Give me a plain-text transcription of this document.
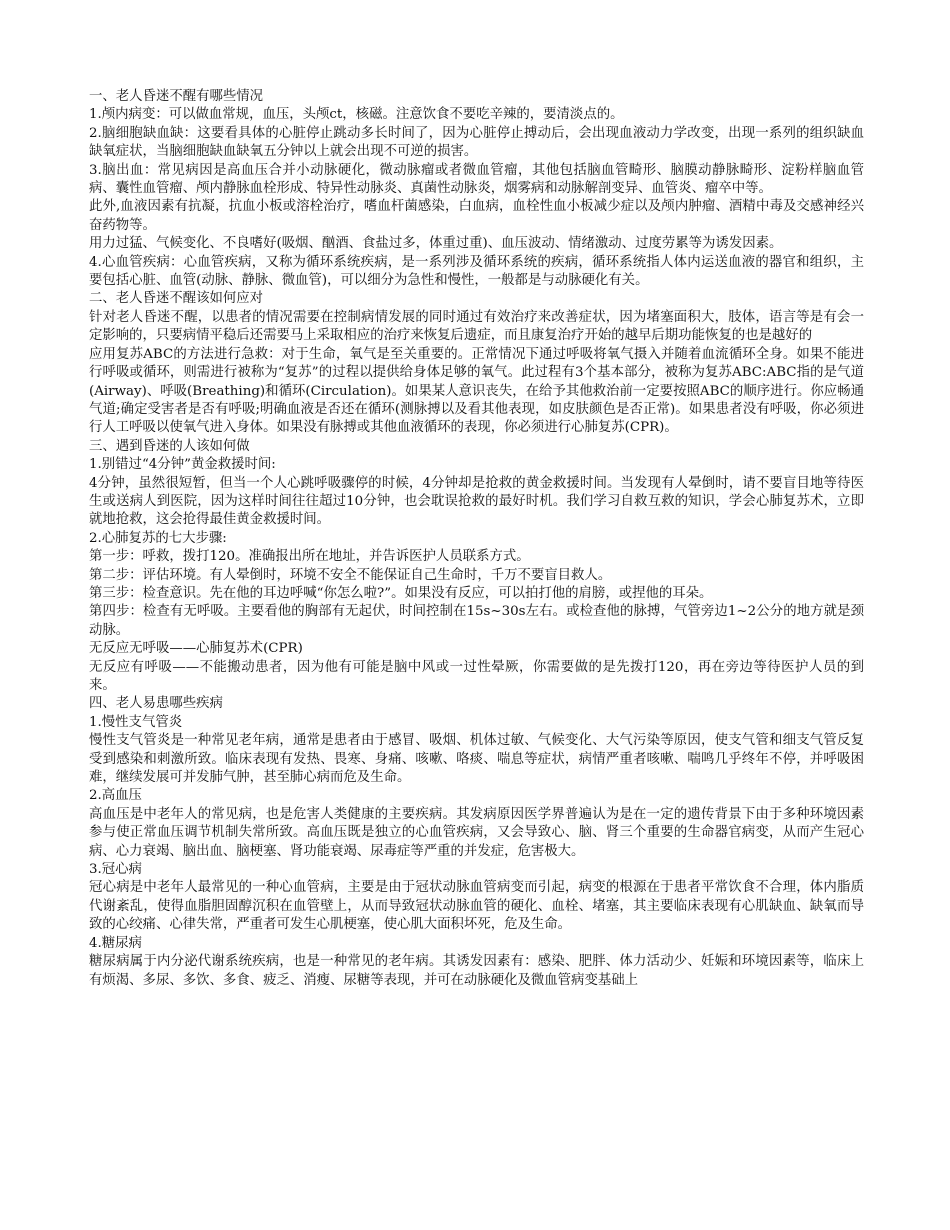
一、老人昏迷不醒有哪些情况

1.颅内病变：可以做血常规，血压，头颅ct，核磁。注意饮食不要吃辛辣的，要清淡点的。

2.脑细胞缺血缺：这要看具体的心脏停止跳动多长时间了，因为心脏停止搏动后，会出现血液动力学改变，出现一系列的组织缺血缺氧症状，当脑细胞缺血缺氧五分钟以上就会出现不可逆的损害。

3.脑出血：常见病因是高血压合并小动脉硬化，微动脉瘤或者微血管瘤，其他包括脑血管畸形、脑膜动静脉畸形、淀粉样脑血管病、囊性血管瘤、颅内静脉血栓形成、特异性动脉炎、真菌性动脉炎，烟雾病和动脉解剖变异、血管炎、瘤卒中等。

此外,血液因素有抗凝，抗血小板或溶栓治疗，嗜血杆菌感染，白血病，血栓性血小板减少症以及颅内肿瘤、酒精中毒及交感神经兴奋药物等。

用力过猛、气候变化、不良嗜好(吸烟、酗酒、食盐过多，体重过重)、血压波动、情绪激动、过度劳累等为诱发因素。

4.心血管疾病：心血管疾病，又称为循环系统疾病，是一系列涉及循环系统的疾病，循环系统指人体内运送血液的器官和组织，主要包括心脏、血管(动脉、静脉、微血管)，可以细分为急性和慢性，一般都是与动脉硬化有关。

二、老人昏迷不醒该如何应对

针对老人昏迷不醒，以患者的情况需要在控制病情发展的同时通过有效治疗来改善症状，因为堵塞面积大，肢体，语言等是有会一定影响的，只要病情平稳后还需要马上采取相应的治疗来恢复后遗症，而且康复治疗开始的越早后期功能恢复的也是越好的

应用复苏ABC的方法进行急救：对于生命，氧气是至关重要的。正常情况下通过呼吸将氧气摄入并随着血流循环全身。如果不能进行呼吸或循环，则需进行被称为“复苏”的过程以提供给身体足够的氧气。此过程有3个基本部分，被称为复苏ABC:ABC指的是气道(Airway)、呼吸(Breathing)和循环(Circulation)。如果某人意识丧失，在给予其他救治前一定要按照ABC的顺序进行。你应畅通气道;确定受害者是否有呼吸;明确血液是否还在循环(测脉搏以及看其他表现，如皮肤颜色是否正常)。如果患者没有呼吸，你必须进行人工呼吸以使氧气进入身体。如果没有脉搏或其他血液循环的表现，你必须进行心肺复苏(CPR)。

三、遇到昏迷的人该如何做

1.别错过“4分钟”黄金救援时间:

4分钟，虽然很短暂，但当一个人心跳呼吸骤停的时候，4分钟却是抢救的黄金救援时间。当发现有人晕倒时，请不要盲目地等待医生或送病人到医院，因为这样时间往往超过10分钟，也会耽误抢救的最好时机。我们学习自救互救的知识，学会心肺复苏术，立即就地抢救，这会抢得最佳黄金救援时间。

2.心肺复苏的七大步骤:

第一步：呼救，拨打120。准确报出所在地址，并告诉医护人员联系方式。

第二步：评估环境。有人晕倒时，环境不安全不能保证自己生命时，千万不要盲目救人。

第三步：检查意识。先在他的耳边呼喊“你怎么啦?”。如果没有反应，可以拍打他的肩膀，或捏他的耳朵。

第四步：检查有无呼吸。主要看他的胸部有无起伏，时间控制在15s~30s左右。或检查他的脉搏，气管旁边1~2公分的地方就是颈动脉。

无反应无呼吸——心肺复苏术(CPR)

无反应有呼吸——不能搬动患者，因为他有可能是脑中风或一过性晕厥，你需要做的是先拨打120，再在旁边等待医护人员的到来。

四、老人易患哪些疾病

1.慢性支气管炎

慢性支气管炎是一种常见老年病，通常是患者由于感冒、吸烟、机体过敏、气候变化、大气污染等原因，使支气管和细支气管反复受到感染和刺激所致。临床表现有发热、畏寒、身痛、咳嗽、咯痰、喘息等症状，病情严重者咳嗽、喘鸣几乎终年不停，并呼吸困难，继续发展可并发肺气肿，甚至肺心病而危及生命。

2.高血压

高血压是中老年人的常见病，也是危害人类健康的主要疾病。其发病原因医学界普遍认为是在一定的遗传背景下由于多种环境因素参与使正常血压调节机制失常所致。高血压既是独立的心血管疾病，又会导致心、脑、肾三个重要的生命器官病变，从而产生冠心病、心力衰竭、脑出血、脑梗塞、肾功能衰竭、尿毒症等严重的并发症，危害极大。

3.冠心病

冠心病是中老年人最常见的一种心血管病，主要是由于冠状动脉血管病变而引起，病变的根源在于患者平常饮食不合理，体内脂质代谢紊乱，使得血脂胆固醇沉积在血管壁上，从而导致冠状动脉血管的硬化、血栓、堵塞，其主要临床表现有心肌缺血、缺氧而导致的心绞痛、心律失常，严重者可发生心肌梗塞，使心肌大面积坏死，危及生命。

4.糖尿病

糖尿病属于内分泌代谢系统疾病，也是一种常见的老年病。其诱发因素有：感染、肥胖、体力活动少、妊娠和环境因素等，临床上有烦渴、多尿、多饮、多食、疲乏、消瘦、尿糖等表现，并可在动脉硬化及微血管病变基础上
